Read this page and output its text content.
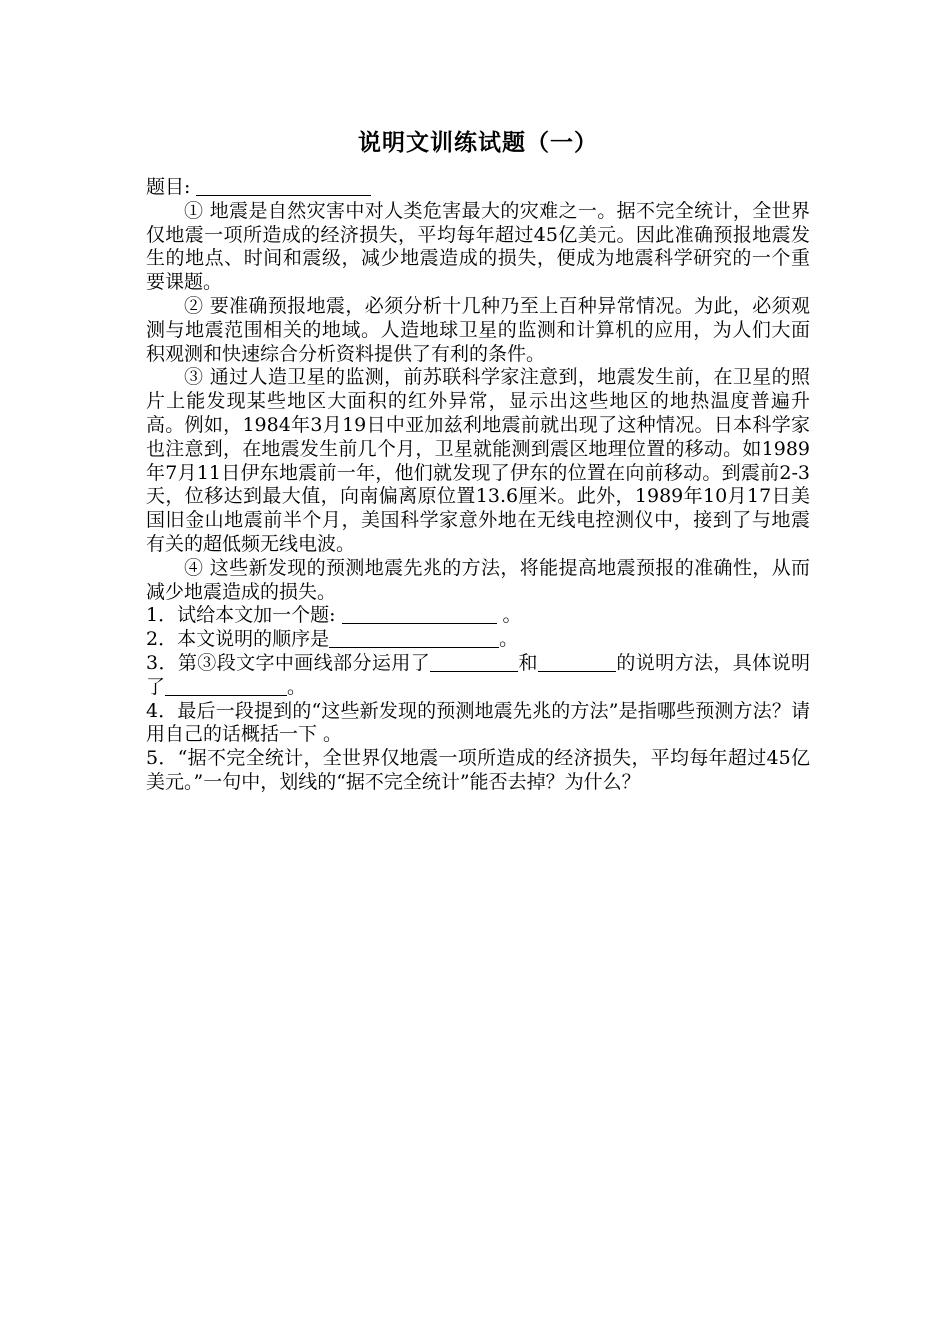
说明文训练试题（一）

题目:

① 地震是自然灾害中对人类危害最大的灾难之一。据不完全统计，全世界仅地震一项所造成的经济损失，平均每年超过45亿美元。因此准确预报地震发生的地点、时间和震级，减少地震造成的损失，便成为地震科学研究的一个重要课题。

② 要准确预报地震，必须分析十几种乃至上百种异常情况。为此，必须观测与地震范围相关的地域。人造地球卫星的监测和计算机的应用，为人们大面积观测和快速综合分析资料提供了有利的条件。

③ 通过人造卫星的监测，前苏联科学家注意到，地震发生前，在卫星的照片上能发现某些地区大面积的红外异常，显示出这些地区的地热温度普遍升高。例如，1984年3月19日中亚加兹利地震前就出现了这种情况。日本科学家也注意到，在地震发生前几个月，卫星就能测到震区地理位置的移动。如1989年7月11日伊东地震前一年，他们就发现了伊东的位置在向前移动。到震前2-3天，位移达到最大值，向南偏离原位置13.6厘米。此外，1989年10月17日美国旧金山地震前半个月，美国科学家意外地在无线电控测仪中，接到了与地震有关的超低频无线电波。

④ 这些新发现的预测地震先兆的方法，将能提高地震预报的准确性，从而减少地震造成的损失。

1．试给本文加一个题:	。

2．本文说明的顺序是	。

3．第③段文字中画线部分运用了	和	的说明方法，具体说明了	。

4．最后一段提到的“这些新发现的预测地震先兆的方法”是指哪些预测方法？请用自己的话概括一下 。

5．“据不完全统计，全世界仅地震一项所造成的经济损失，平均每年超过45亿美元。”一句中，划线的“据不完全统计”能否去掉？为什么？
